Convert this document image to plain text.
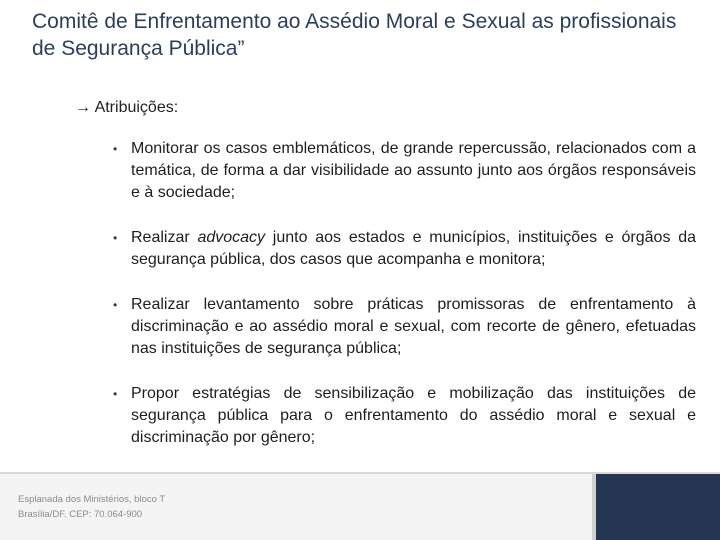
Comitê de Enfrentamento ao Assédio Moral e Sexual as profissionais de Segurança Pública”
→ Atribuições:
• Monitorar os casos emblemáticos, de grande repercussão, relacionados com a temática, de forma a dar visibilidade ao assunto junto aos órgãos responsáveis e à sociedade;
• Realizar advocacy junto aos estados e municípios, instituições e órgãos da segurança pública, dos casos que acompanha e monitora;
• Realizar levantamento sobre práticas promissoras de enfrentamento à discriminação e ao assédio moral e sexual, com recorte de gênero, efetuadas nas instituições de segurança pública;
• Propor estratégias de sensibilização e mobilização das instituições de segurança pública para o enfrentamento do assédio moral e sexual e discriminação por gênero;
Esplanada dos Ministérios, bloco T
Brasília/DF. CEP: 70.064-900
